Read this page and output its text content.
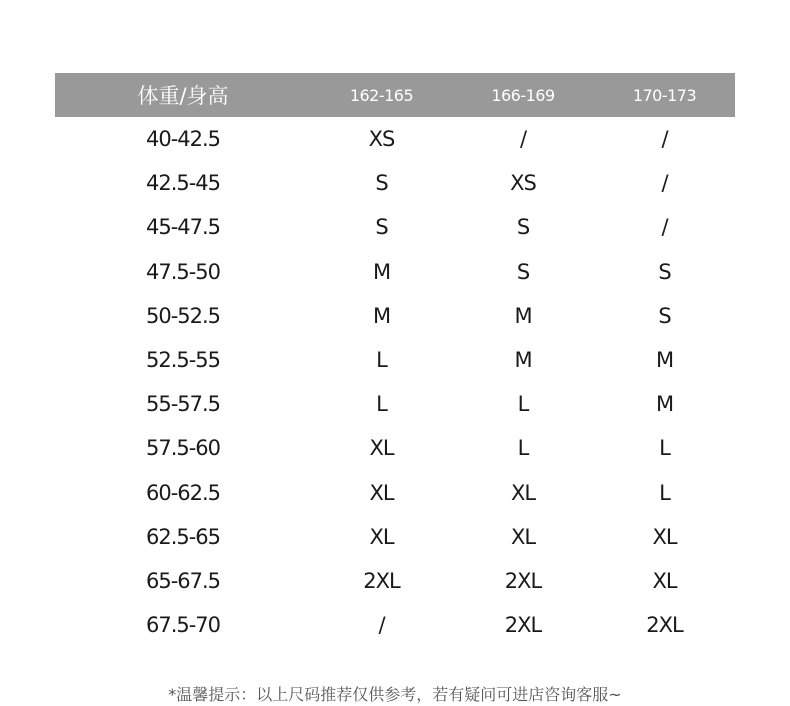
体重/身高	162-165	166-169	170-173
40-42.5	XS	/	/
42.5-45	S	XS	/
45-47.5	S	S	/
47.5-50	M	S	S
50-52.5	M	M	S
52.5-55	L	M	M
55-57.5	L	L	M
57.5-60	XL	L	L
60-62.5	XL	XL	L
62.5-65	XL	XL	XL
65-67.5	2XL	2XL	XL
67.5-70	/	2XL	2XL
*温馨提示：以上尺码推荐仅供参考，若有疑问可进店咨询客服~
